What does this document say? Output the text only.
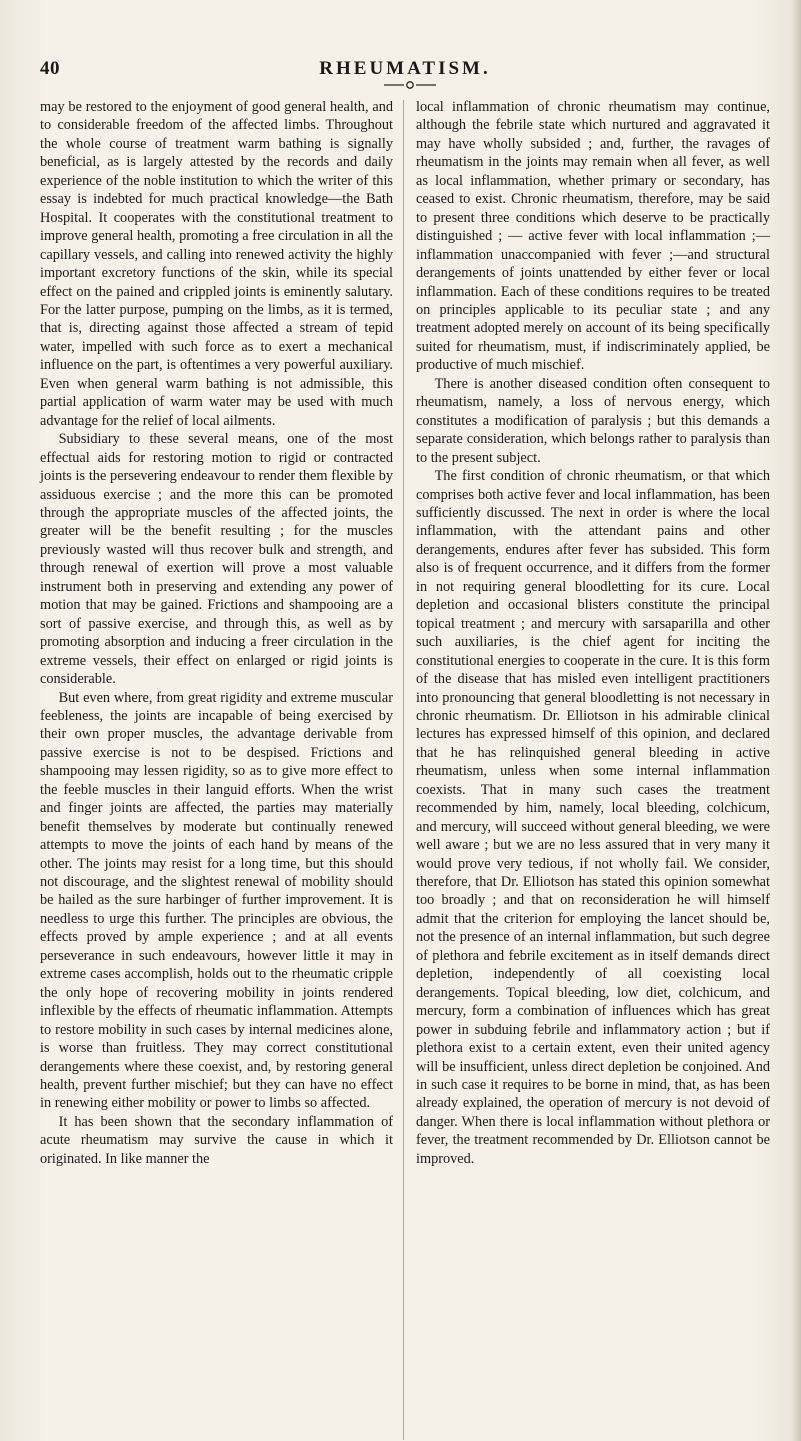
40	RHEUMATISM.

may be restored to the enjoyment of good general health, and to considerable freedom of the affected limbs. Throughout the whole course of treatment warm bathing is signally beneficial, as is largely attested by the records and daily experience of the noble institution to which the writer of this essay is indebted for much practical knowledge—the Bath Hospital. It cooperates with the constitutional treatment to improve general health, promoting a free circulation in all the capillary vessels, and calling into renewed activity the highly important excretory functions of the skin, while its special effect on the pained and crippled joints is eminently salutary. For the latter purpose, pumping on the limbs, as it is termed, that is, directing against those affected a stream of tepid water, impelled with such force as to exert a mechanical influence on the part, is oftentimes a very powerful auxiliary. Even when general warm bathing is not admissible, this partial application of warm water may be used with much advantage for the relief of local ailments.

Subsidiary to these several means, one of the most effectual aids for restoring motion to rigid or contracted joints is the persevering endeavour to render them flexible by assiduous exercise ; and the more this can be promoted through the appropriate muscles of the affected joints, the greater will be the benefit resulting ; for the muscles previously wasted will thus recover bulk and strength, and through renewal of exertion will prove a most valuable instrument both in preserving and extending any power of motion that may be gained. Frictions and shampooing are a sort of passive exercise, and through this, as well as by promoting absorption and inducing a freer circulation in the extreme vessels, their effect on enlarged or rigid joints is considerable.

But even where, from great rigidity and extreme muscular feebleness, the joints are incapable of being exercised by their own proper muscles, the advantage derivable from passive exercise is not to be despised. Frictions and shampooing may lessen rigidity, so as to give more effect to the feeble muscles in their languid efforts. When the wrist and finger joints are affected, the parties may materially benefit themselves by moderate but continually renewed attempts to move the joints of each hand by means of the other. The joints may resist for a long time, but this should not discourage, and the slightest renewal of mobility should be hailed as the sure harbinger of further improvement. It is needless to urge this further. The principles are obvious, the effects proved by ample experience ; and at all events perseverance in such endeavours, however little it may in extreme cases accomplish, holds out to the rheumatic cripple the only hope of recovering mobility in joints rendered inflexible by the effects of rheumatic inflammation. Attempts to restore mobility in such cases by internal medicines alone, is worse than fruitless. They may correct constitutional derangements where these coexist, and, by restoring general health, prevent further mischief; but they can have no effect in renewing either mobility or power to limbs so affected.

It has been shown that the secondary inflammation of acute rheumatism may survive the cause in which it originated. In like manner the

local inflammation of chronic rheumatism may continue, although the febrile state which nurtured and aggravated it may have wholly subsided ; and, further, the ravages of rheumatism in the joints may remain when all fever, as well as local inflammation, whether primary or secondary, has ceased to exist. Chronic rheumatism, therefore, may be said to present three conditions which deserve to be practically distinguished ; — active fever with local inflammation ;—inflammation unaccompanied with fever ;—and structural derangements of joints unattended by either fever or local inflammation. Each of these conditions requires to be treated on principles applicable to its peculiar state ; and any treatment adopted merely on account of its being specifically suited for rheumatism, must, if indiscriminately applied, be productive of much mischief.

There is another diseased condition often consequent to rheumatism, namely, a loss of nervous energy, which constitutes a modification of paralysis ; but this demands a separate consideration, which belongs rather to paralysis than to the present subject.

The first condition of chronic rheumatism, or that which comprises both active fever and local inflammation, has been sufficiently discussed. The next in order is where the local inflammation, with the attendant pains and other derangements, endures after fever has subsided. This form also is of frequent occurrence, and it differs from the former in not requiring general bloodletting for its cure. Local depletion and occasional blisters constitute the principal topical treatment ; and mercury with sarsaparilla and other such auxiliaries, is the chief agent for inciting the constitutional energies to cooperate in the cure. It is this form of the disease that has misled even intelligent practitioners into pronouncing that general bloodletting is not necessary in chronic rheumatism. Dr. Elliotson in his admirable clinical lectures has expressed himself of this opinion, and declared that he has relinquished general bleeding in active rheumatism, unless when some internal inflammation coexists. That in many such cases the treatment recommended by him, namely, local bleeding, colchicum, and mercury, will succeed without general bleeding, we were well aware ; but we are no less assured that in very many it would prove very tedious, if not wholly fail. We consider, therefore, that Dr. Elliotson has stated this opinion somewhat too broadly ; and that on reconsideration he will himself admit that the criterion for employing the lancet should be, not the presence of an internal inflammation, but such degree of plethora and febrile excitement as in itself demands direct depletion, independently of all coexisting local derangements. Topical bleeding, low diet, colchicum, and mercury, form a combination of influences which has great power in subduing febrile and inflammatory action ; but if plethora exist to a certain extent, even their united agency will be insufficient, unless direct depletion be conjoined. And in such case it requires to be borne in mind, that, as has been already explained, the operation of mercury is not devoid of danger. When there is local inflammation without plethora or fever, the treatment recommended by Dr. Elliotson cannot be improved.
